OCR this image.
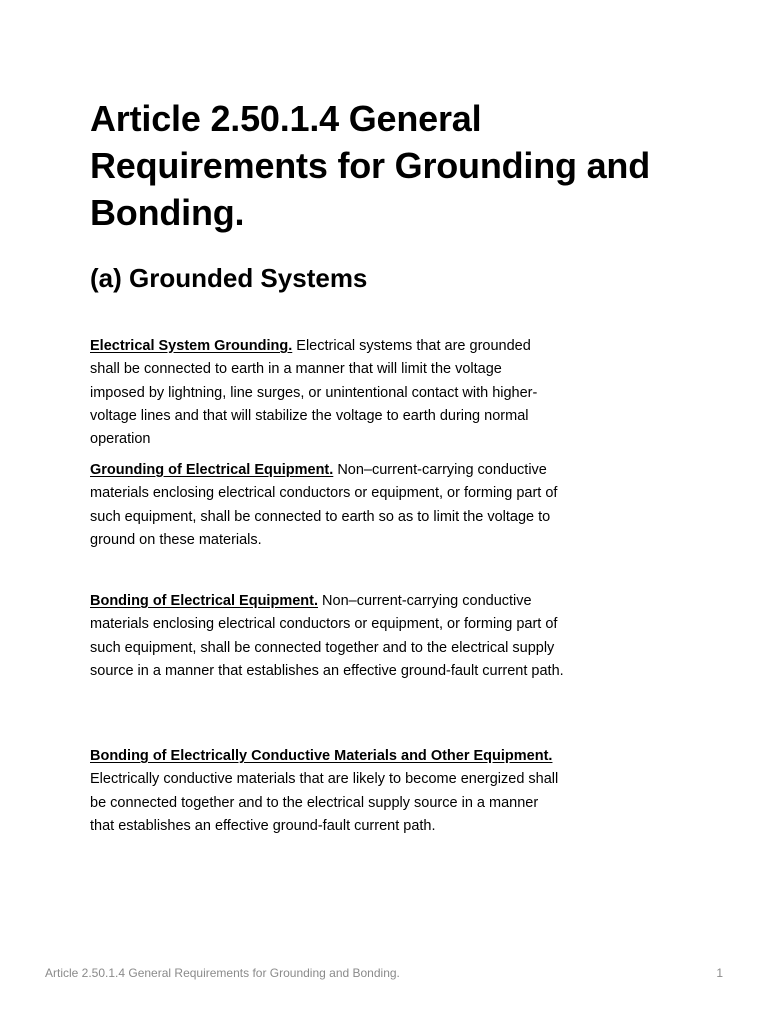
Article 2.50.1.4 General Requirements for Grounding and Bonding.
(a) Grounded Systems

Electrical System Grounding. Electrical systems that are grounded shall be connected to earth in a manner that will limit the voltage imposed by lightning, line surges, or unintentional contact with higher-voltage lines and that will stabilize the voltage to earth during normal operation

Grounding of Electrical Equipment. Non–current-carrying conductive materials enclosing electrical conductors or equipment, or forming part of such equipment, shall be connected to earth so as to limit the voltage to ground on these materials.

Bonding of Electrical Equipment. Non–current-carrying conductive materials enclosing electrical conductors or equipment, or forming part of such equipment, shall be connected together and to the electrical supply source in a manner that establishes an effective ground-fault current path.

Bonding of Electrically Conductive Materials and Other Equipment. Electrically conductive materials that are likely to become energized shall be connected together and to the electrical supply source in a manner that establishes an effective ground-fault current path.

Article 2.50.1.4 General Requirements for Grounding and Bonding.	1
